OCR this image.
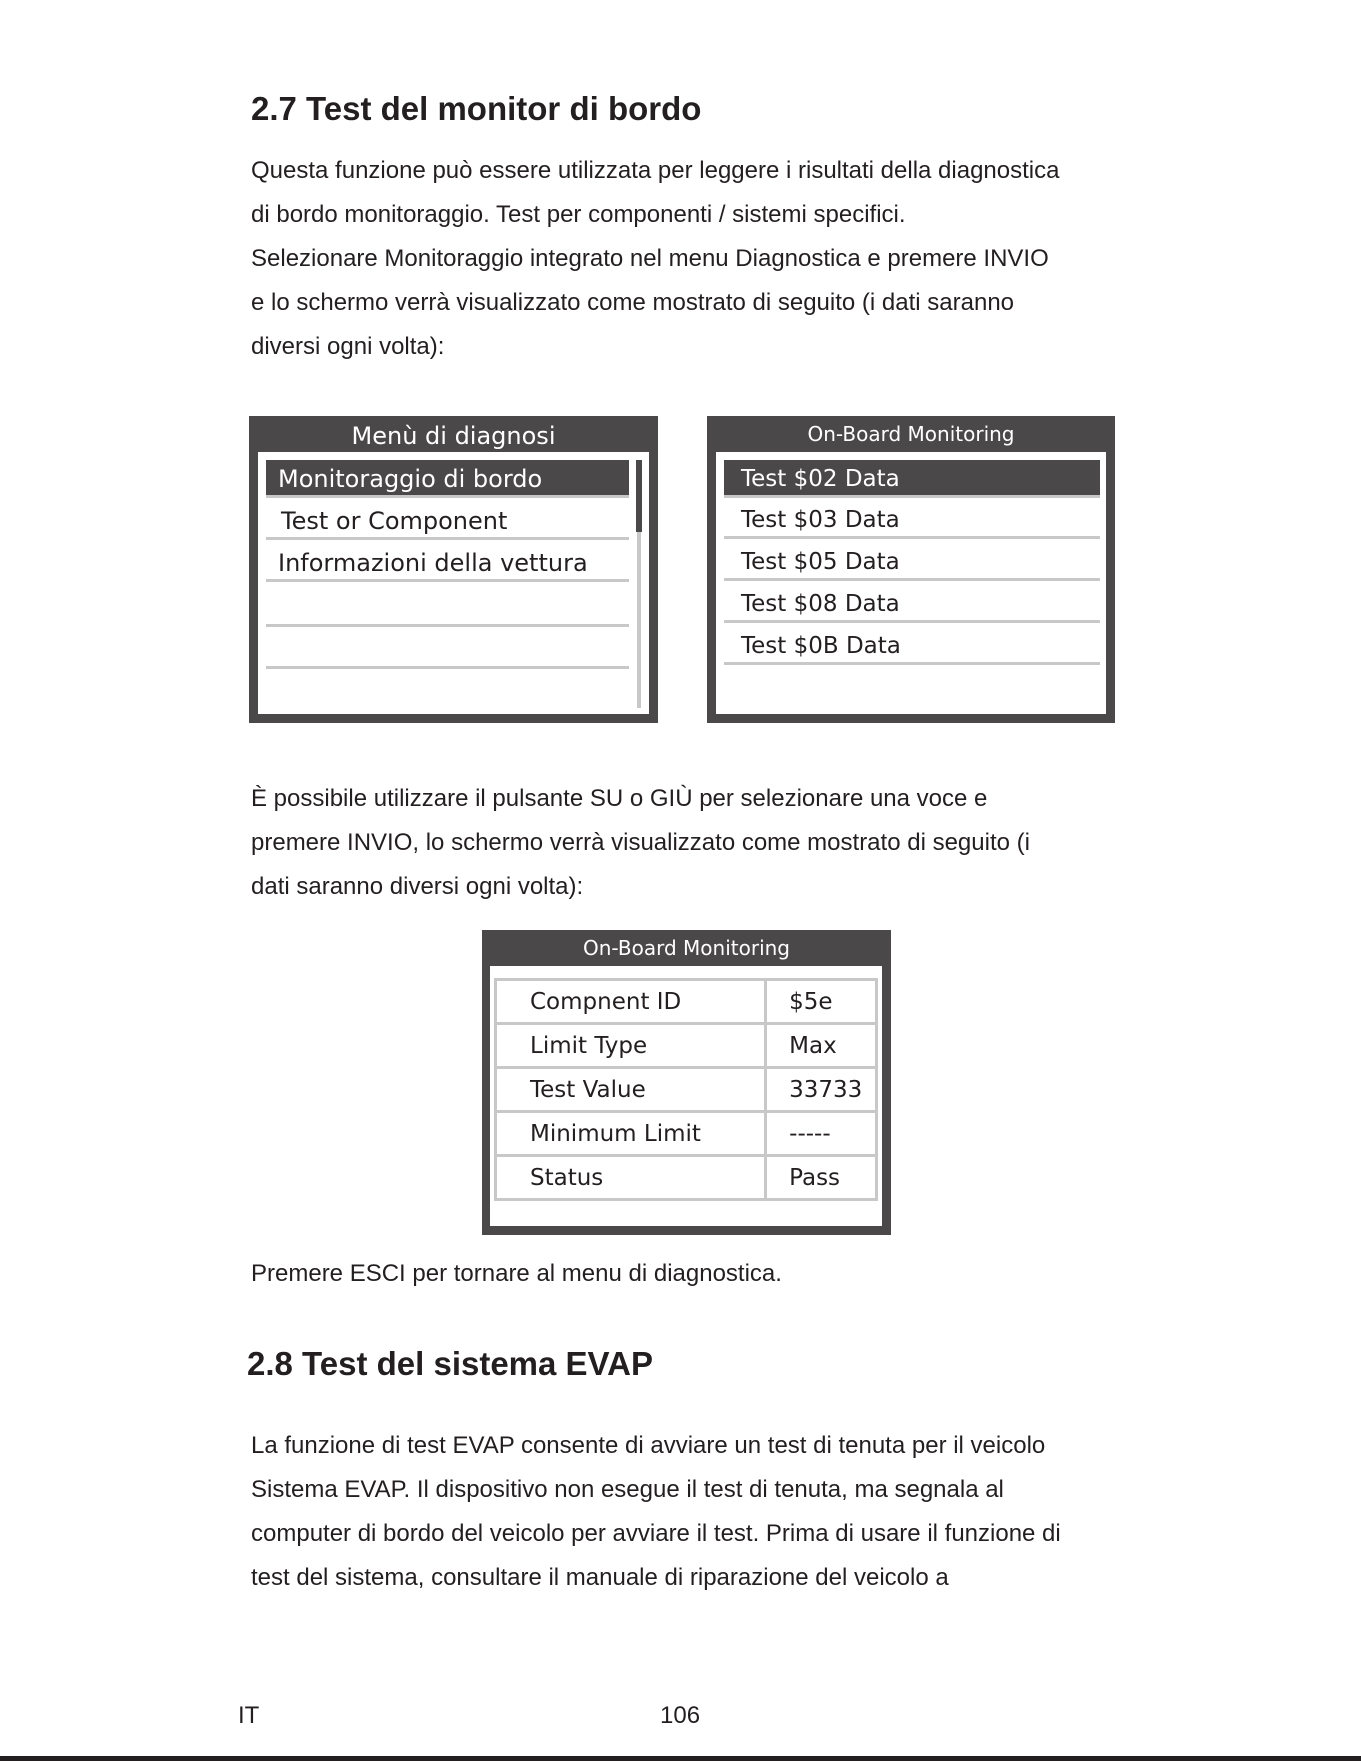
2.7 Test del monitor di bordo

Questa funzione può essere utilizzata per leggere i risultati della diagnostica

di bordo monitoraggio. Test per componenti / sistemi specifici.

Selezionare Monitoraggio integrato nel menu Diagnostica e premere INVIO

e lo schermo verrà visualizzato come mostrato di seguito (i dati saranno

diversi ogni volta):

Menù di diagnosi
Monitoraggio di bordo
Test or Component
Informazioni della vettura
On-Board Monitoring
Test $02 Data
Test $03 Data
Test $05 Data
Test $08 Data
Test $0B Data

È possibile utilizzare il pulsante SU o GIÙ per selezionare una voce e

premere INVIO, lo schermo verrà visualizzato come mostrato di seguito (i

dati saranno diversi ogni volta):

On-Board Monitoring
Compnent ID	$5e
Limit Type	Max
Test Value	33733
Minimum Limit	-----
Status	Pass

Premere ESCI per tornare al menu di diagnostica.

2.8 Test del sistema EVAP

La funzione di test EVAP consente di avviare un test di tenuta per il veicolo

Sistema EVAP. Il dispositivo non esegue il test di tenuta, ma segnala al

computer di bordo del veicolo per avviare il test. Prima di usare il funzione di

test del sistema, consultare il manuale di riparazione del veicolo a

IT	106
